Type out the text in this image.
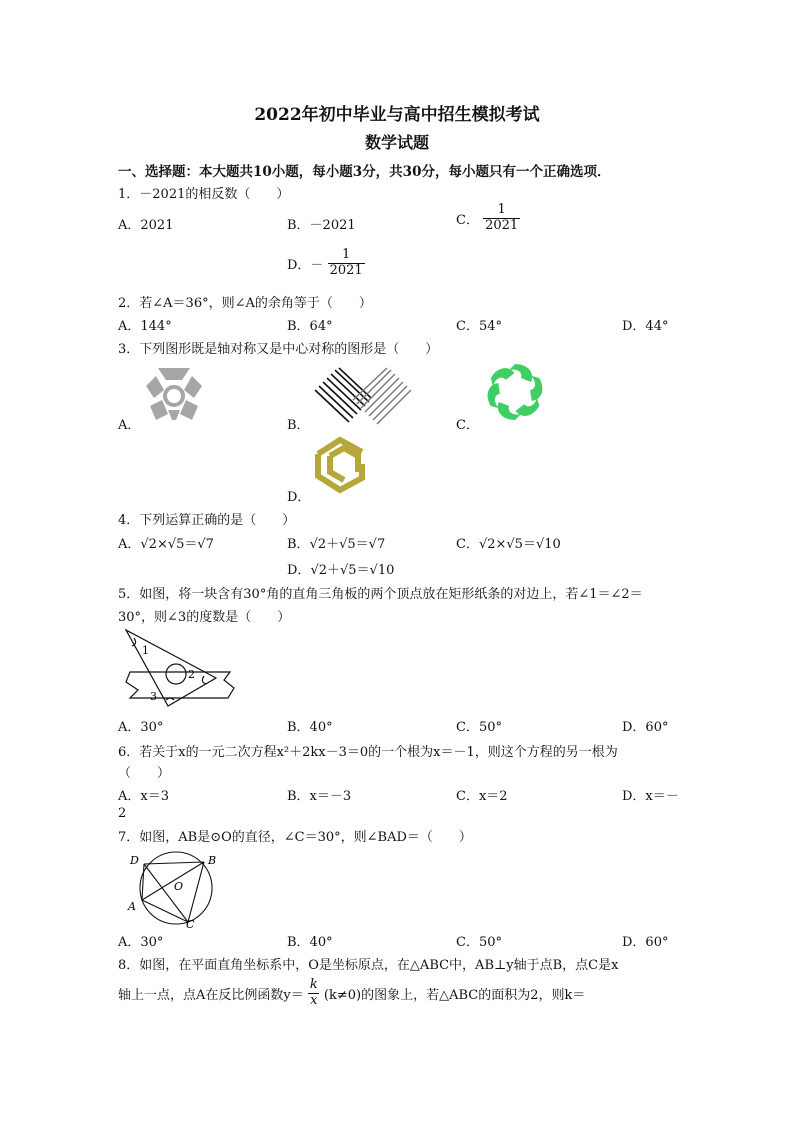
2022年初中毕业与高中招生模拟考试
数学试题
一、选择题：本大题共10小题，每小题3分，共30分，每小题只有一个正确选项．
1．－2021的相反数（　　）
A．2021	B．－2021	C． $\frac{1}{2021}$
D．－ $\frac{1}{2021}$
2．若∠A＝36°，则∠A的余角等于（　　）
A．144°	B．64°	C．54°	D．44°
3．下列图形既是轴对称又是中心对称的图形是（　　）
A．	B．	C．
D．
4．下列运算正确的是（　　）
A．√2×√5＝√7	B．√2＋√5＝√7	C．√2×√5＝√10
D．√2＋√5＝√10
5．如图，将一块含有30°角的直角三角板的两个顶点放在矩形纸条的对边上，若∠1＝∠2＝
30°，则∠3的度数是（　　）
1
2
3
A．30°	B．40°	C．50°	D．60°
6．若关于x的一元二次方程x²＋2kx－3＝0的一个根为x＝－1，则这个方程的另一根为
（　　）
A．x＝3	B．x＝－3	C．x＝2	D．x＝－
2
7．如图，AB是⊙O的直径，∠C＝30°，则∠BAD＝（　　）
D	B
O
A
C
A．30°	B．40°	C．50°	D．60°
8．如图，在平面直角坐标系中，O是坐标原点，在△ABC中，AB⊥y轴于点B，点C是x
轴上一点，点A在反比例函数$y= \frac{k}{x} (k\ne 0)$的图象上，若△ABC的面积为2，则k＝
